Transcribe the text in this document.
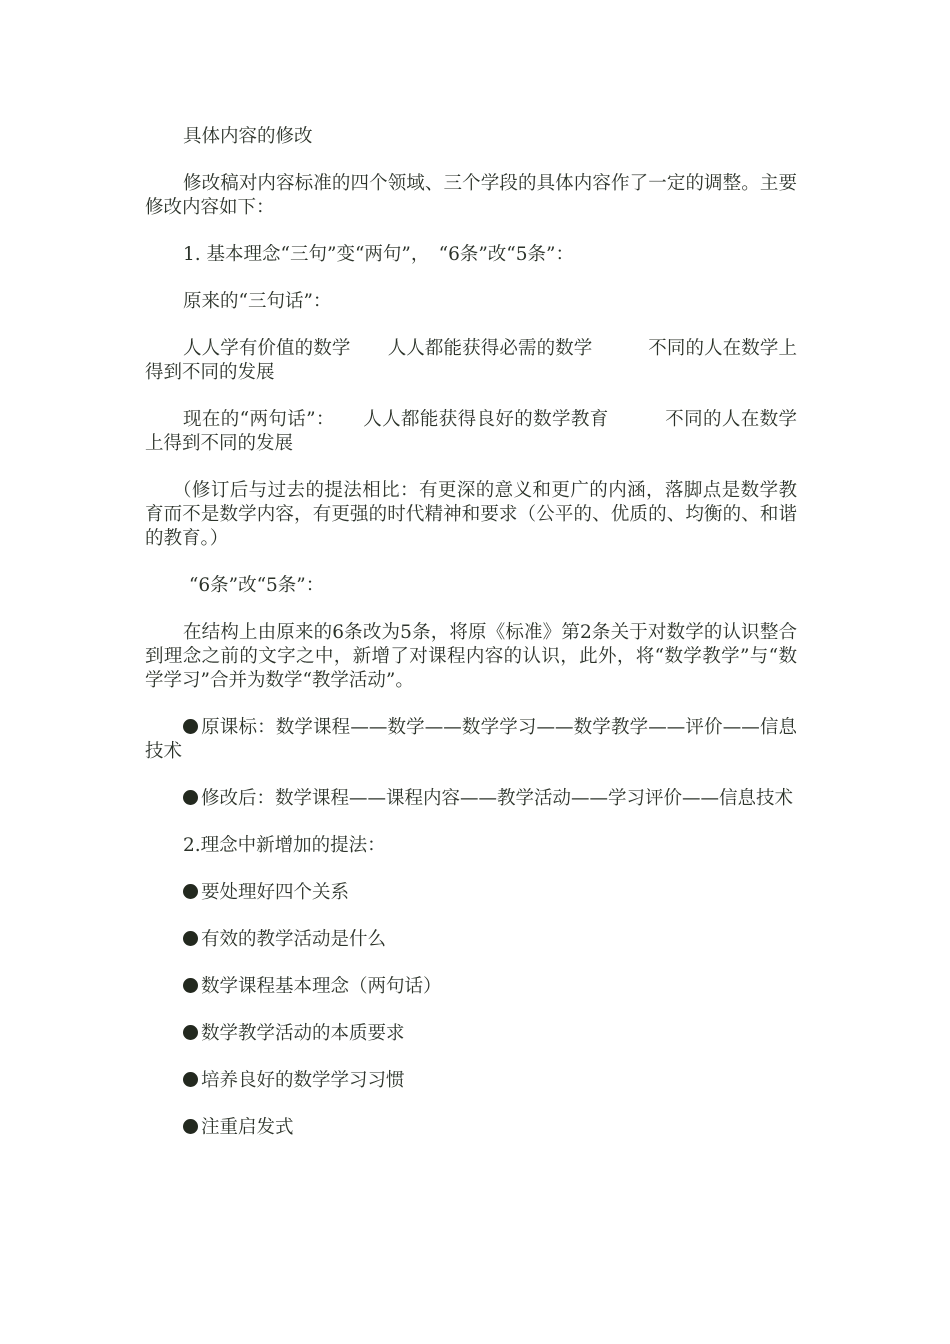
具体内容的修改

修改稿对内容标准的四个领域、三个学段的具体内容作了一定的调整。主要修改内容如下：

1. 基本理念“三句”变“两句”，　“6条”改“5条”：

原来的“三句话”：

人人学有价值的数学　　人人都能获得必需的数学　　　不同的人在数学上得到不同的发展

现在的“两句话”：　　人人都能获得良好的数学教育　　　不同的人在数学上得到不同的发展

（修订后与过去的提法相比：有更深的意义和更广的内涵，落脚点是数学教育而不是数学内容，有更强的时代精神和要求（公平的、优质的、均衡的、和谐的教育。）

“6条”改“5条”：

在结构上由原来的6条改为5条，将原《标准》第2条关于对数学的认识整合到理念之前的文字之中，新增了对课程内容的认识，此外，将“数学教学”与“数学学习”合并为数学“教学活动”。

原课标：数学课程——数学——数学学习——数学教学——评价——信息技术

修改后：数学课程——课程内容——教学活动——学习评价——信息技术

2.理念中新增加的提法：

要处理好四个关系

有效的教学活动是什么

数学课程基本理念（两句话）

数学教学活动的本质要求

培养良好的数学学习习惯

注重启发式
